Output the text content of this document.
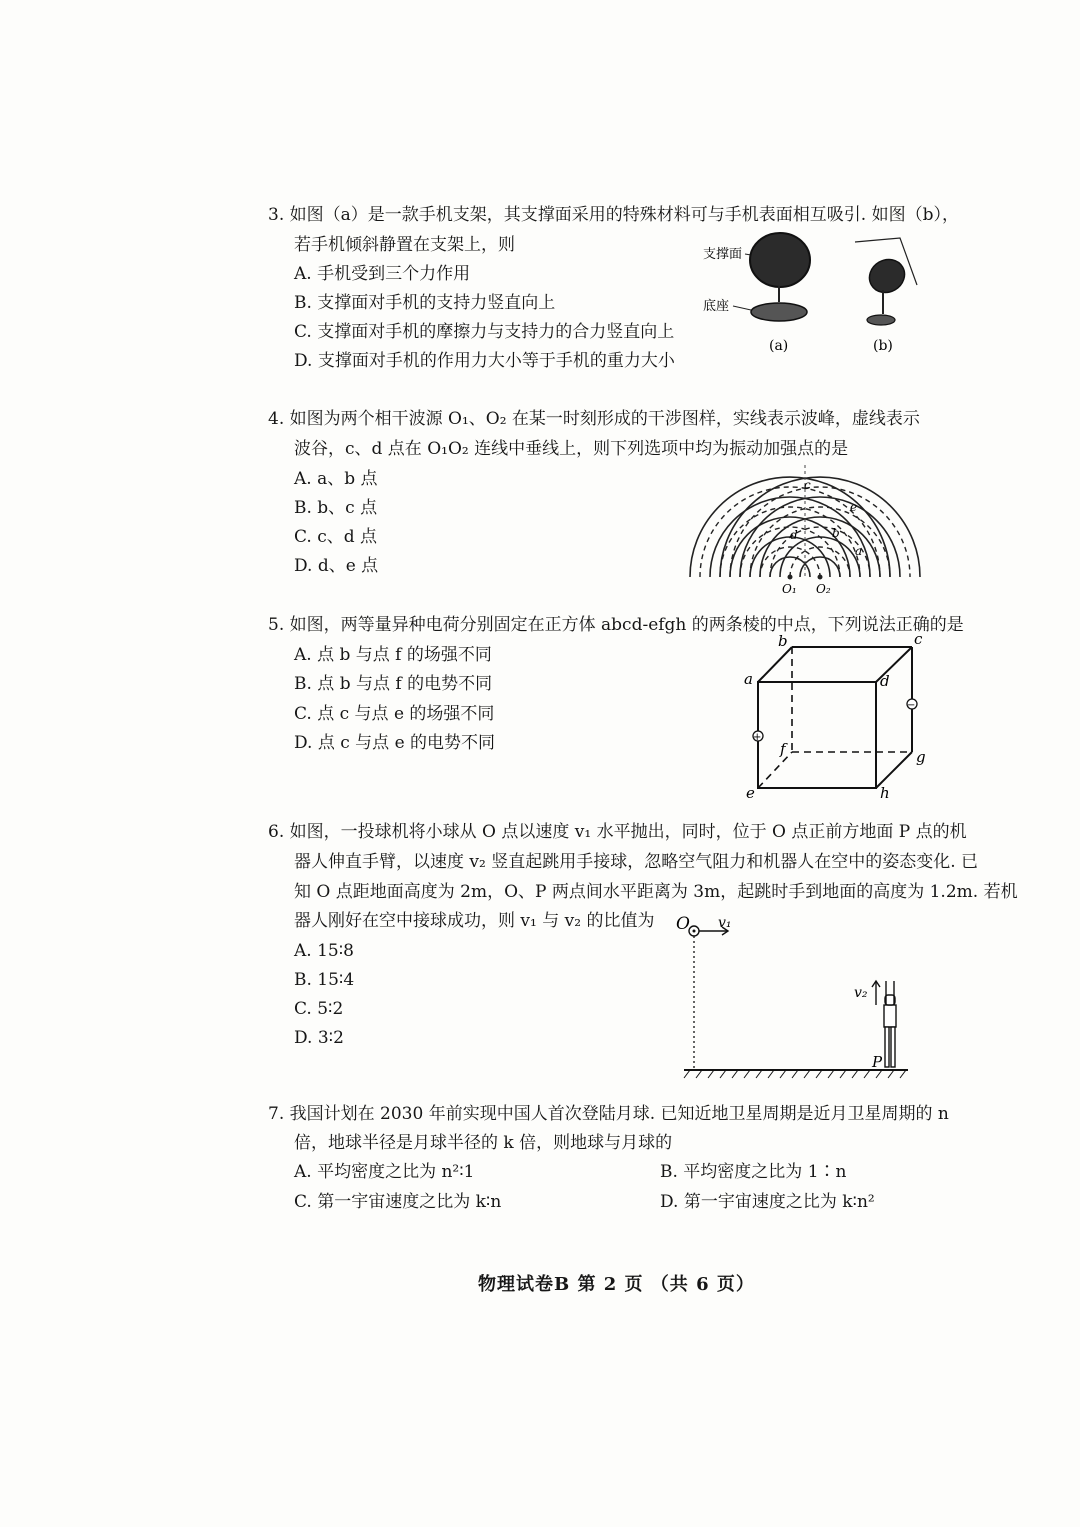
3. 如图（a）是一款手机支架，其支撑面采用的特殊材料可与手机表面相互吸引. 如图（b），
若手机倾斜静置在支架上，则
A. 手机受到三个力作用
B. 支撑面对手机的支持力竖直向上
C. 支撑面对手机的摩擦力与支持力的合力竖直向上
D. 支撑面对手机的作用力大小等于手机的重力大小
支撑面
底座
(a)	(b)
4. 如图为两个相干波源 O₁、O₂ 在某一时刻形成的干涉图样，实线表示波峰，虚线表示
波谷，c、d 点在 O₁O₂ 连线中垂线上，则下列选项中均为振动加强点的是
A. a、b 点
B. b、c 点
C. c、d 点
D. d、e 点
c
d
a
e
b
O₁ O₂
5. 如图，两等量异种电荷分别固定在正方体 abcd-efgh 的两条棱的中点，下列说法正确的是
A. 点 b 与点 f 的场强不同
B. 点 b 与点 f 的电势不同
C. 点 c 与点 e 的场强不同
D. 点 c 与点 e 的电势不同	+
−
b	c
a	d
f	g
e	h
6. 如图，一投球机将小球从 O 点以速度 v₁ 水平抛出，同时，位于 O 点正前方地面 P 点的机
器人伸直手臂，以速度 v₂ 竖直起跳用手接球，忽略空气阻力和机器人在空中的姿态变化. 已
知 O 点距地面高度为 2m，O、P 两点间水平距离为 3m，起跳时手到地面的高度为 1.2m. 若机
器人刚好在空中接球成功，则 v₁ 与 v₂ 的比值为
A. 15∶8
B. 15∶4
C. 5∶2
D. 3∶2
O v₁
v₂
P
7. 我国计划在 2030 年前实现中国人首次登陆月球. 已知近地卫星周期是近月卫星周期的 n
倍，地球半径是月球半径的 k 倍，则地球与月球的
A. 平均密度之比为 n²∶1	B. 平均密度之比为 1∶n
C. 第一宇宙速度之比为 k∶n	D. 第一宇宙速度之比为 k∶n²
物理试卷B 第 2 页 （共 6 页）
